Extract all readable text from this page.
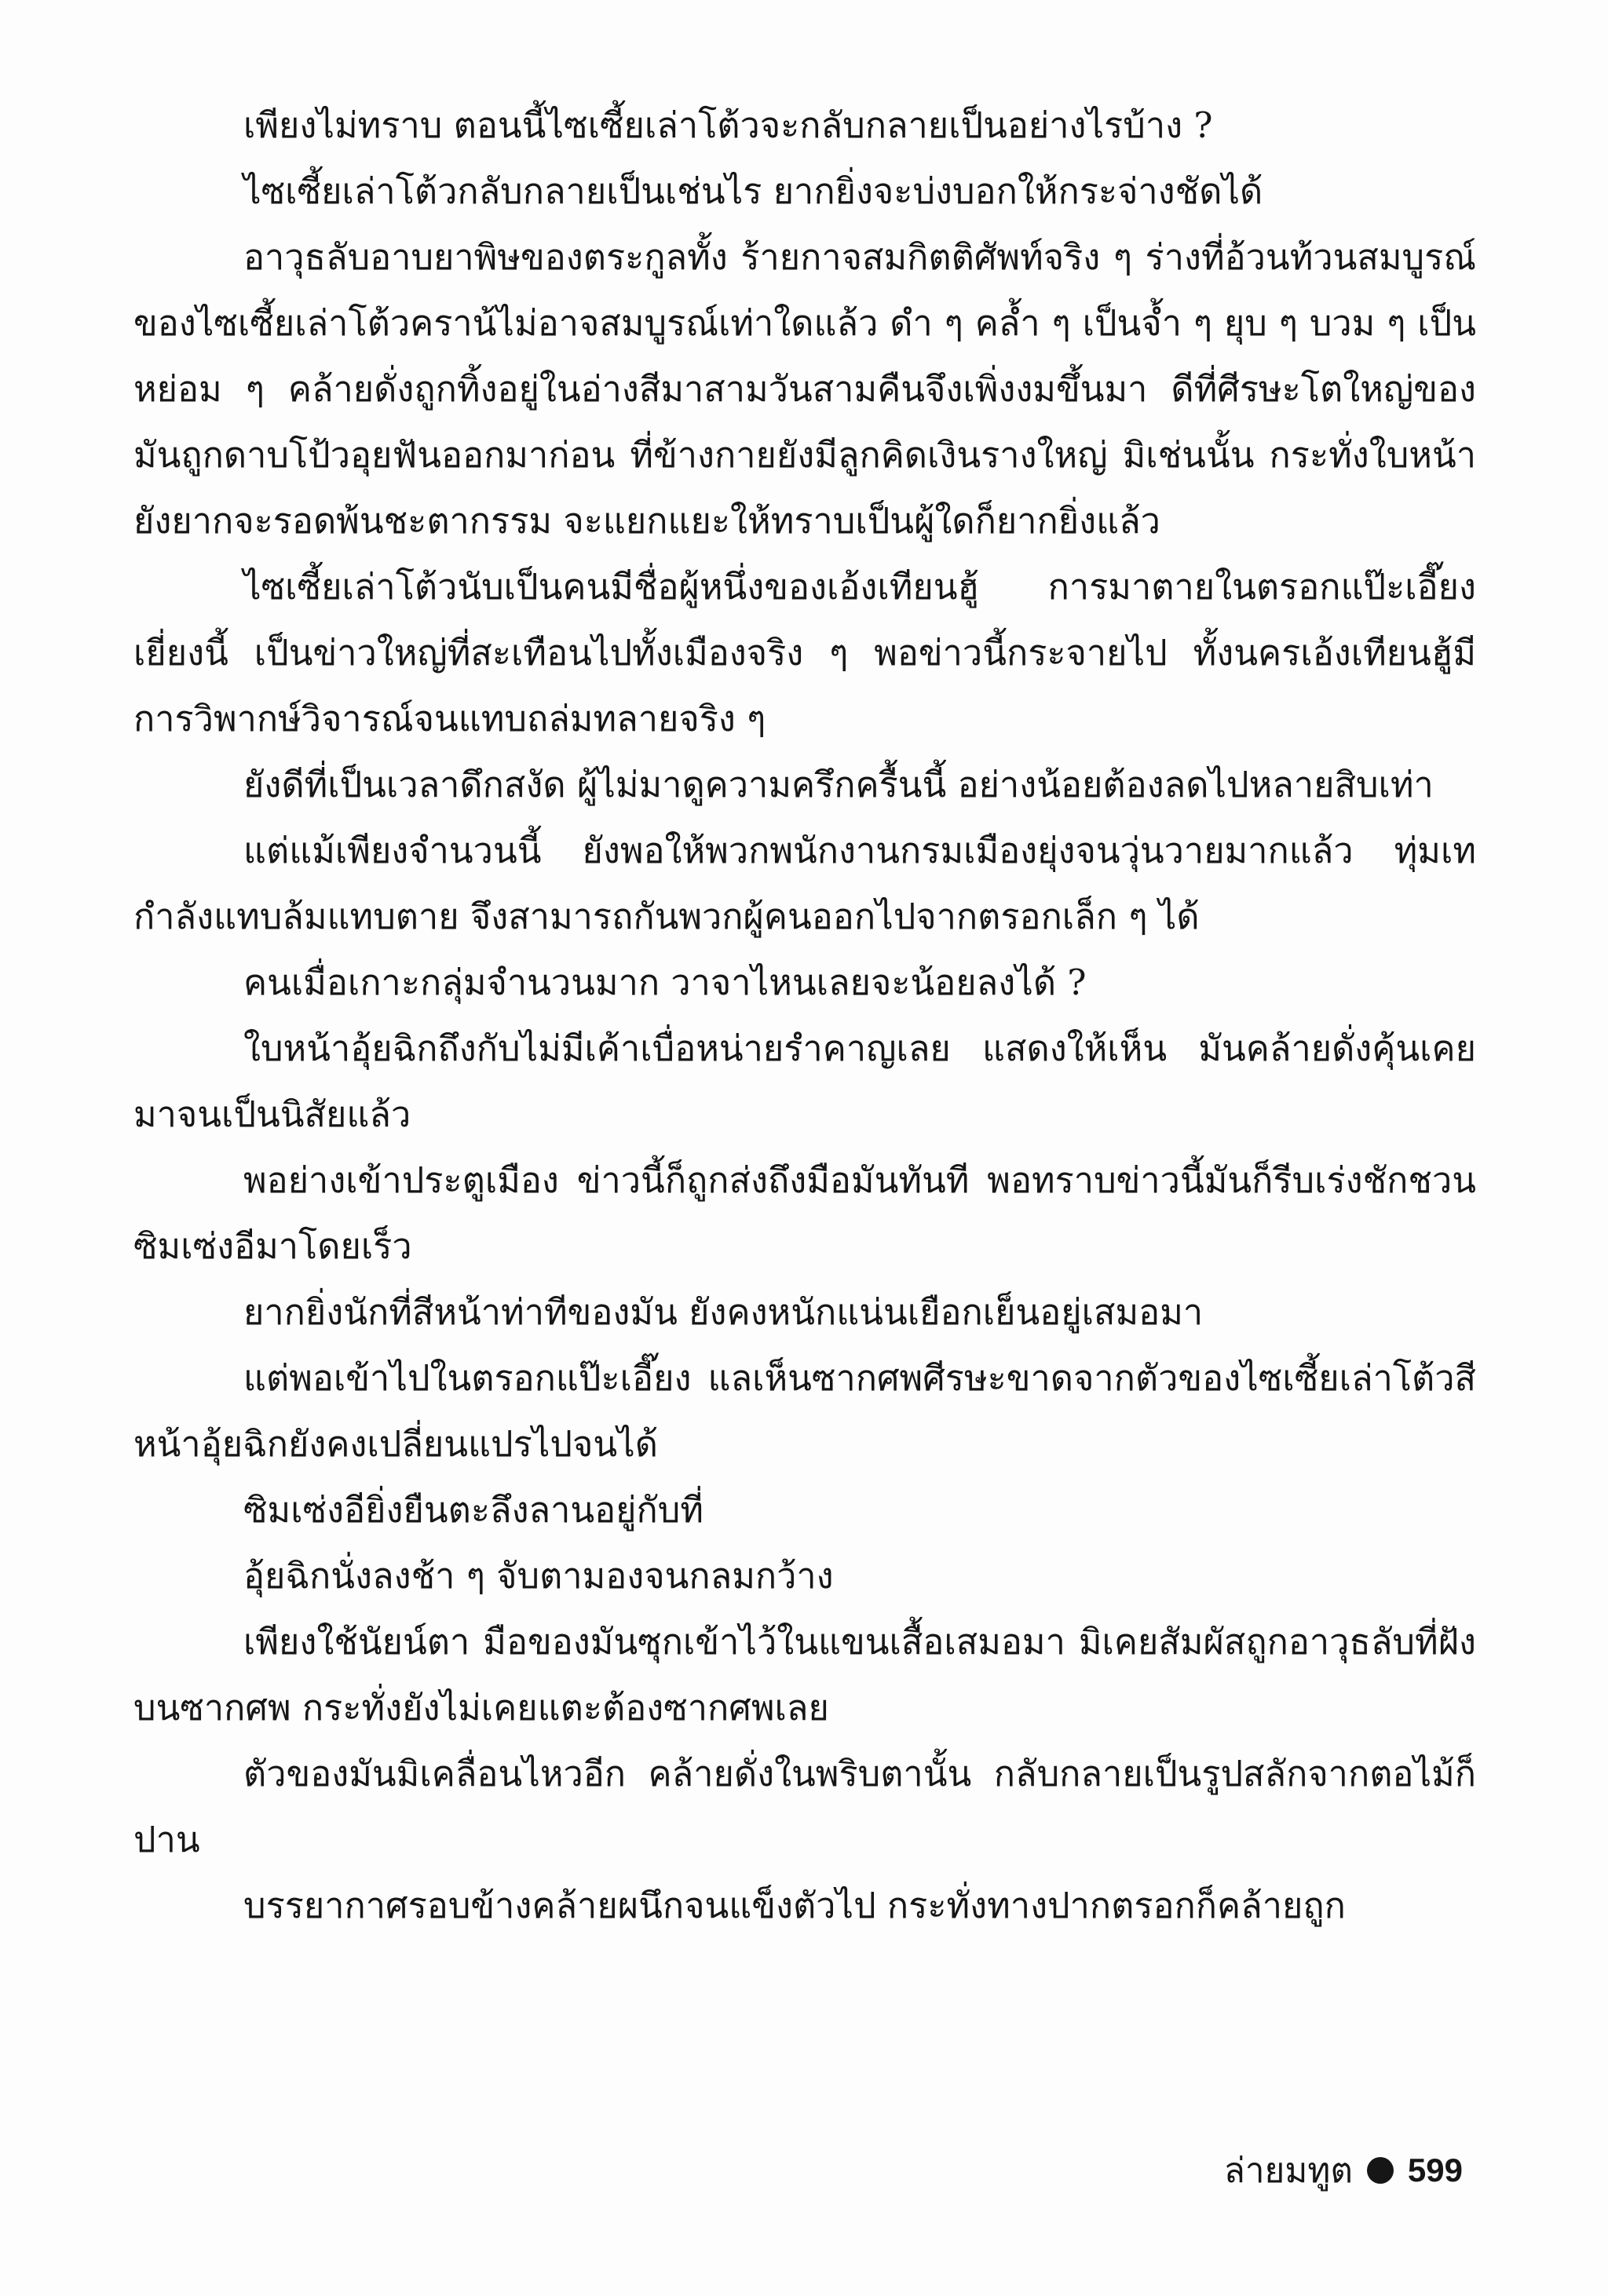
เพียงไม่ทราบ ตอนนี้ไซเซี้ยเล่าโต้วจะกลับกลายเป็นอย่างไรบ้าง ?

ไซเซี้ยเล่าโต้วกลับกลายเป็นเช่นไร ยากยิ่งจะบ่งบอกให้กระจ่างชัดได้

อาวุธลับอาบยาพิษของตระกูลทั้ง ร้ายกาจสมกิตติศัพท์จริง ๆ ร่างที่อ้วนท้วนสมบูรณ์ของไซเซี้ยเล่าโต้วคราน้ไม่อาจสมบูรณ์เท่าใดแล้ว ดำ ๆ คล้ำ ๆ เป็นจ้ำ ๆ ยุบ ๆ บวม ๆ เป็นหย่อม ๆ คล้ายดั่งถูกทิ้งอยู่ในอ่างสีมาสามวันสามคืนจึงเพิ่งงมขึ้นมา ดีที่ศีรษะโตใหญ่ของมันถูกดาบโป้วอุยฟันออกมาก่อน ที่ข้างกายยังมีลูกคิดเงินรางใหญ่ มิเช่นนั้น กระทั่งใบหน้ายังยากจะรอดพ้นชะตากรรม จะแยกแยะให้ทราบเป็นผู้ใดก็ยากยิ่งแล้ว

ไซเซี้ยเล่าโต้วนับเป็นคนมีชื่อผู้หนึ่งของเอ้งเทียนฮู้ การมาตายในตรอกแป๊ะเอี๊ยงเยี่ยงนี้ เป็นข่าวใหญ่ที่สะเทือนไปทั้งเมืองจริง ๆ พอข่าวนี้กระจายไป ทั้งนครเอ้งเทียนฮู้มีการวิพากษ์วิจารณ์จนแทบถล่มทลายจริง ๆ

ยังดีที่เป็นเวลาดึกสงัด ผู้ไม่มาดูความครึกครื้นนี้ อย่างน้อยต้องลดไปหลายสิบเท่า

แต่แม้เพียงจำนวนนี้ ยังพอให้พวกพนักงานกรมเมืองยุ่งจนวุ่นวายมากแล้ว ทุ่มเทกำลังแทบล้มแทบตาย จึงสามารถกันพวกผู้คนออกไปจากตรอกเล็ก ๆ ได้

คนเมื่อเกาะกลุ่มจำนวนมาก วาจาไหนเลยจะน้อยลงได้ ?

ใบหน้าอุ้ยฉิกถึงกับไม่มีเค้าเบื่อหน่ายรำคาญเลย แสดงให้เห็น มันคล้ายดั่งคุ้นเคยมาจนเป็นนิสัยแล้ว

พอย่างเข้าประตูเมือง ข่าวนี้ก็ถูกส่งถึงมือมันทันที พอทราบข่าวนี้มันก็รีบเร่งชักชวนซิมเซ่งอีมาโดยเร็ว

ยากยิ่งนักที่สีหน้าท่าทีของมัน ยังคงหนักแน่นเยือกเย็นอยู่เสมอมา

แต่พอเข้าไปในตรอกแป๊ะเอี๊ยง แลเห็นซากศพศีรษะขาดจากตัวของไซเซี้ยเล่าโต้วสีหน้าอุ้ยฉิกยังคงเปลี่ยนแปรไปจนได้

ซิมเซ่งอียิ่งยืนตะลึงลานอยู่กับที่

อุ้ยฉิกนั่งลงช้า ๆ จับตามองจนกลมกว้าง

เพียงใช้นัยน์ตา มือของมันซุกเข้าไว้ในแขนเสื้อเสมอมา มิเคยสัมผัสถูกอาวุธลับที่ฝังบนซากศพ กระทั่งยังไม่เคยแตะต้องซากศพเลย

ตัวของมันมิเคลื่อนไหวอีก คล้ายดั่งในพริบตานั้น กลับกลายเป็นรูปสลักจากตอไม้ก็ปาน

บรรยากาศรอบข้างคล้ายผนึกจนแข็งตัวไป กระทั่งทางปากตรอกก็คล้ายถูก

ล่ายมทูต 599
